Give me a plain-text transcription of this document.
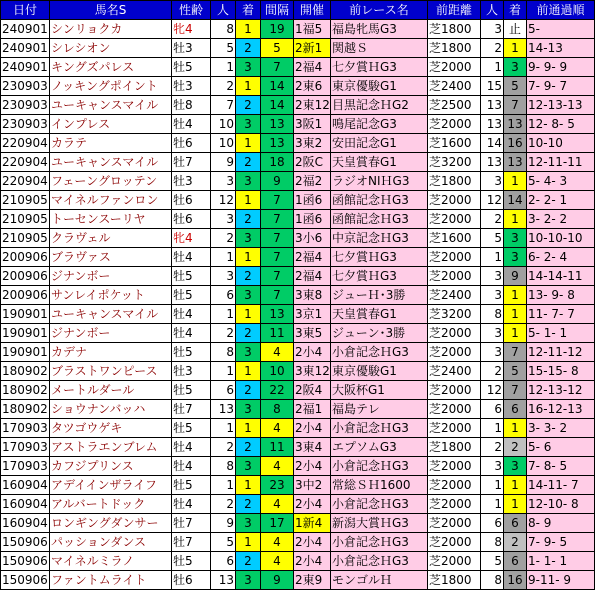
日付	馬名S	性齢	人	着	間隔	開催	前レース名	前距離	人	着	前通過順
240901	シンリョクカ	牝4	8	1	19	1福5	福島牝馬G3	芝1800	3	止	5-
240901	シレシオン	牡3	5	2	5	2新1	関越Ｓ	芝1800	2	1	14-13
240901	キングズパレス	牡5	1	3	7	2福4	七夕賞ＨG3	芝2000	1	3	9- 9- 9
230903	ノッキングポイント	牡3	2	1	14	2東6	東京優駿G1	芝2400	15	5	7- 9- 7
230903	ユーキャンスマイル	牡8	7	2	14	2東12	目黒記念ＨG2	芝2500	13	7	12-13-13
230903	インプレス	牡4	10	3	13	3阪1	鳴尾記念G3	芝2000	13	13	12- 8- 5
220904	カラテ	牡6	10	1	13	3東2	安田記念G1	芝1600	14	16	10-10
220904	ユーキャンスマイル	牡7	9	2	18	2阪C	天皇賞春G1	芝3200	13	13	12-11-11
220904	フェーングロッテン	牡3	3	3	9	2福2	ラジオNIＨG3	芝1800	3	1	5- 4- 3
210905	マイネルファンロン	牡6	12	1	7	1函6	函館記念ＨG3	芝2000	12	14	2- 2- 1
210905	トーセンスーリヤ	牡6	3	2	7	1函6	函館記念ＨG3	芝2000	2	1	3- 2- 2
210905	クラヴェル	牝4	2	3	7	3小6	中京記念ＨG3	芝1600	5	3	10-10-10
200906	ブラヴァス	牡4	1	1	7	2福4	七夕賞ＨG3	芝2000	1	3	6- 2- 4
200906	ジナンボー	牡5	3	2	7	2福4	七夕賞ＨG3	芝2000	3	9	14-14-11
200906	サンレイポケット	牡5	6	3	7	3東8	ジューＨ･3勝	芝2400	3	1	13- 9- 8
190901	ユーキャンスマイル	牡4	1	1	13	3京1	天皇賞春G1	芝3200	8	1	11- 7- 7
190901	ジナンボー	牡4	2	2	11	3東5	ジューン･3勝	芝2000	3	1	5- 1- 1
190901	カデナ	牡5	8	3	4	2小4	小倉記念ＨG3	芝2000	3	7	12-11-12
180902	ブラストワンピース	牡3	1	1	10	3東12	東京優駿G1	芝2400	2	5	15-15- 8
180902	メートルダール	牡5	6	2	22	2阪4	大阪杯G1	芝2000	12	7	12-13-12
180902	ショウナンバッハ	牡7	13	3	8	2福1	福島テレ	芝2000	6	6	16-12-13
170903	タツゴウゲキ	牡5	1	1	4	2小4	小倉記念ＨG3	芝2000	1	1	3- 3- 2
170903	アストラエンブレム	牡4	2	2	11	3東4	エプソムG3	芝1800	2	2	5- 6
170903	カフジプリンス	牡4	8	3	4	2小4	小倉記念ＨG3	芝2000	3	3	7- 8- 5
160904	アデイインザライフ	牡5	1	1	23	3中2	常総ＳＨ1600	芝2000	1	1	14-11- 7
160904	アルバートドック	牡4	2	2	4	2小4	小倉記念ＨG3	芝2000	1	1	12-10- 8
160904	ロンギングダンサー	牡7	9	3	17	1新4	新潟大賞ＨG3	芝2000	6	6	8- 9
150906	パッションダンス	牡7	5	1	4	2小4	小倉記念ＨG3	芝2000	8	2	7- 9- 5
150906	マイネルミラノ	牡5	6	2	4	2小4	小倉記念ＨG3	芝2000	5	6	1- 1- 1
150906	ファントムライト	牡6	13	3	9	2東9	モンゴルＨ	芝1800	8	16	9-11- 9
